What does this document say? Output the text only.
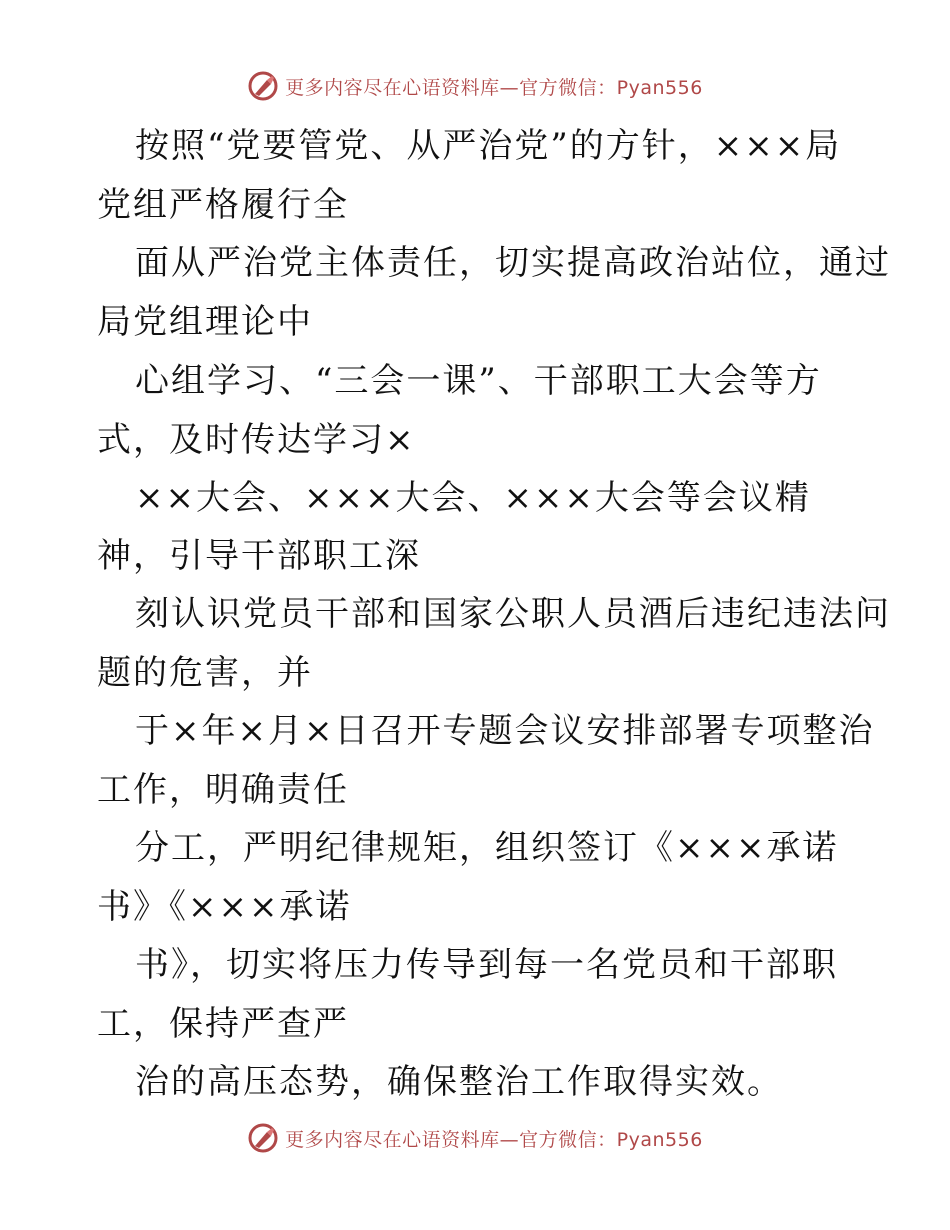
更多内容尽在心语资料库—官方微信：Pyan556
按照“党要管党、从严治党”的方针，×××局
党组严格履行全
面从严治党主体责任，切实提高政治站位，通过
局党组理论中
心组学习、“三会一课”、干部职工大会等方
式，及时传达学习×
××大会、×××大会、×××大会等会议精
神，引导干部职工深
刻认识党员干部和国家公职人员酒后违纪违法问
题的危害，并
于×年×月×日召开专题会议安排部署专项整治
工作，明确责任
分工，严明纪律规矩，组织签订《×××承诺
书》《×××承诺
书》，切实将压力传导到每一名党员和干部职
工，保持严查严
治的高压态势，确保整治工作取得实效。
更多内容尽在心语资料库—官方微信：Pyan556
